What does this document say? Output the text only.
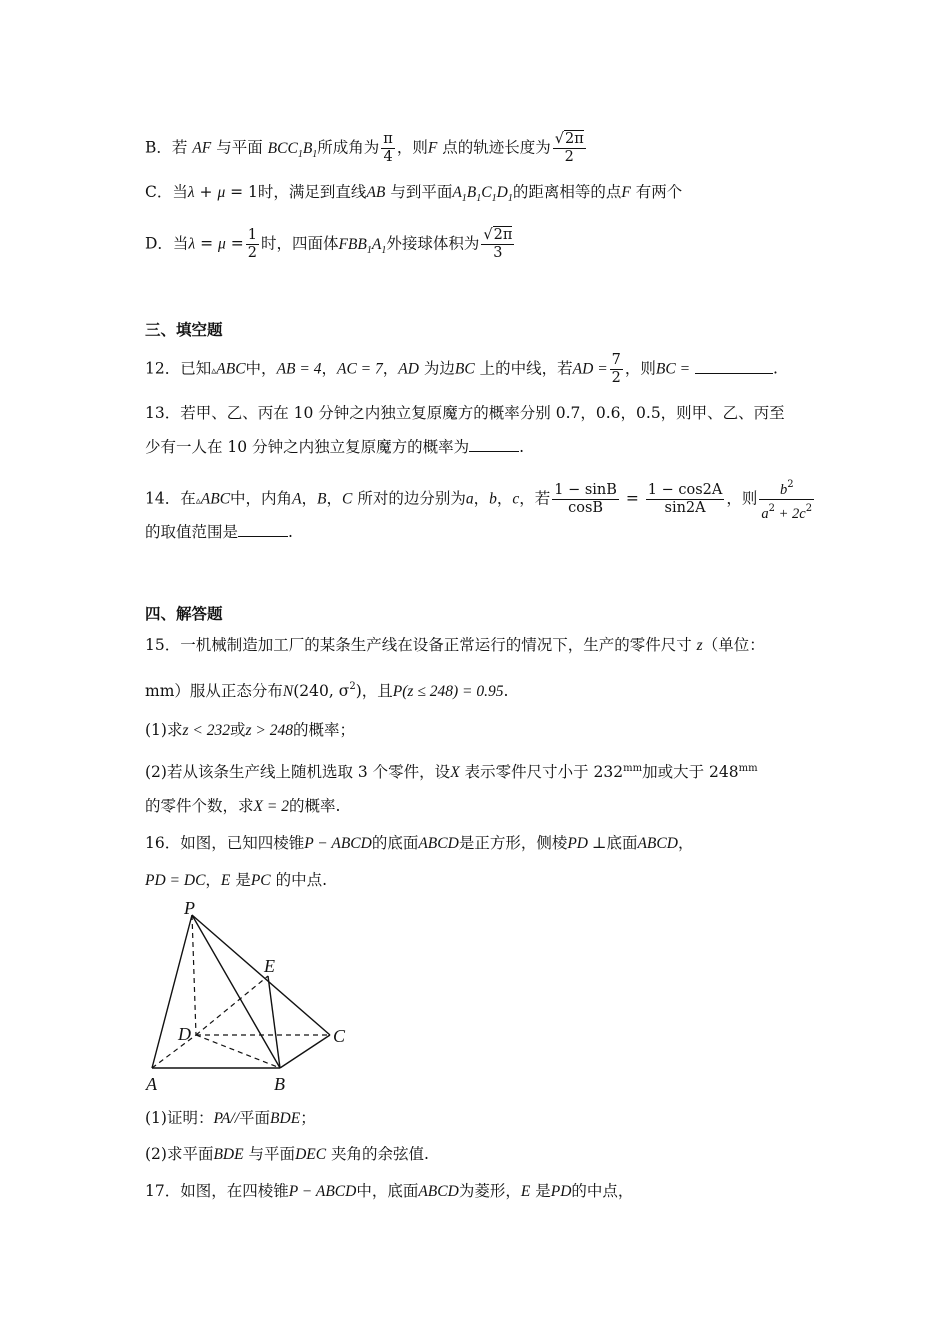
B．若 AF 与平面 $BCC_1B_1$所成角为 $\frac{\pi}{4}$ ，则F 点的轨迹长度为 $\frac{√2\pi}{2}$
C．当λ + μ = 1时，满足到直线AB 与到平面$A_1B_1C_1D_1$的距离相等的点F 有两个
D．当$\lambda = \mu = \frac{1}{2}$ 时，四面体$FBB_1A_1$外接球体积为 $\frac{√2\pi}{3}$
三、填空题
12．已知▵ABC中，AB = 4，AC = 7，AD 为边BC 上的中线，若AD = $\frac{7}{2}$ ，则BC =	.
13．若甲、乙、丙在 10 分钟之内独立复原魔方的概率分别 0.7，0.6，0.5，则甲、乙、丙至
少有一人在 10 分钟之内独立复原魔方的概率为	.
14．在▵ABC中，内角A，B，C 所对的边分别为a，b，c，若 $\frac{1 - \sin B}{\cos B} = \frac{1 - \cos 2A}{\sin 2A}$ ，则 $\frac{b^2}{a^2 + 2c^2}$
的取值范围是	.
四、解答题
15．一机械制造加工厂的某条生产线在设备正常运行的情况下，生产的零件尺寸 z（单位：
mm）服从正态分布N(240, $\sigma^2$)，且P(z ≤ 248) = 0.95.
(1)求z < 232或z > 248的概率；
(2)若从该条生产线上随机选取 3 个零件，设X 表示零件尺寸小于 $232^{mm}$加或大于 $248^{mm}$
的零件个数，求X = 2的概率.
16．如图，已知四棱锥P − ABCD的底面ABCD是正方形，侧棱PD ⊥底面ABCD，
PD = DC，E 是PC 的中点.
P
E
D	C
A	B
(1)证明：PA//平面BDE；
(2)求平面BDE 与平面DEC 夹角的余弦值.
17．如图，在四棱锥P − ABCD中，底面ABCD为菱形，E 是PD的中点，
